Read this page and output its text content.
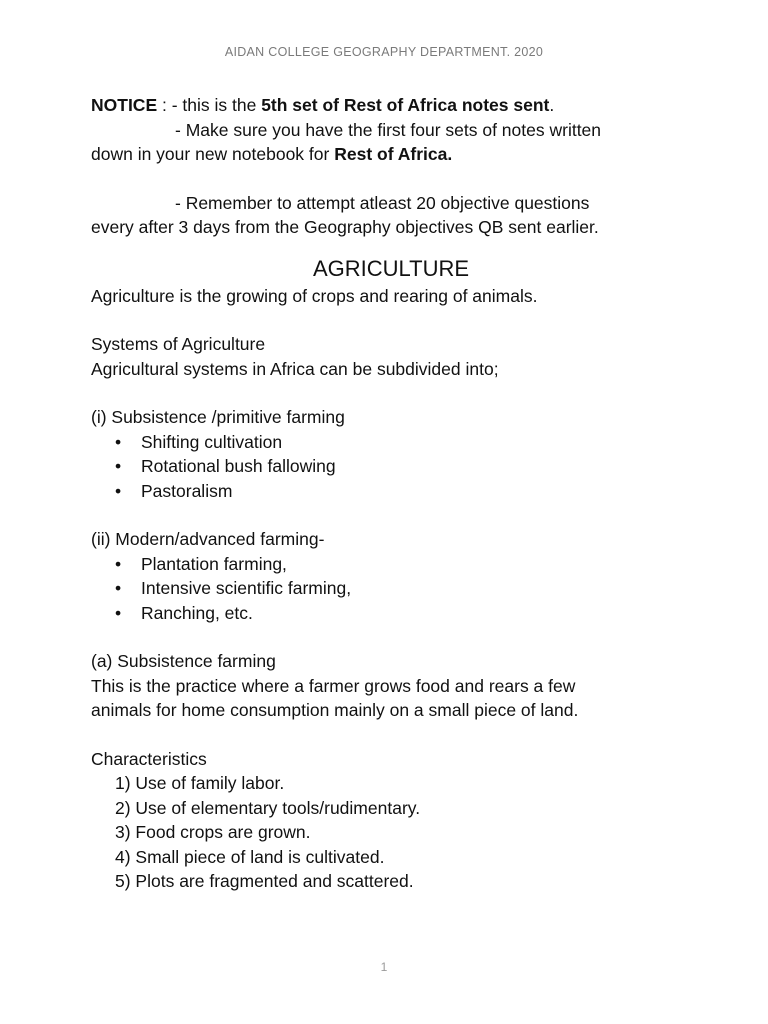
AIDAN COLLEGE GEOGRAPHY DEPARTMENT. 2020

NOTICE : - this is the 5th set of Rest of Africa notes sent.

- Make sure you have the first four sets of notes written

down in your new notebook for Rest of Africa.

- Remember to attempt atleast 20 objective questions

every after 3 days from the Geography objectives QB sent earlier.

AGRICULTURE

Agriculture is the growing of crops and rearing of animals.

Systems of Agriculture

Agricultural systems in Africa can be subdivided into;

(i) Subsistence /primitive farming

• Shifting cultivation
• Rotational bush fallowing
• Pastoralism

(ii) Modern/advanced farming-

• Plantation farming,
• Intensive scientific farming,
• Ranching, etc.

(a) Subsistence farming

This is the practice where a farmer grows food and rears a few

animals for home consumption mainly on a small piece of land.

Characteristics

1) Use of family labor.
2) Use of elementary tools/rudimentary.
3) Food crops are grown.
4) Small piece of land is cultivated.
5) Plots are fragmented and scattered.
1
